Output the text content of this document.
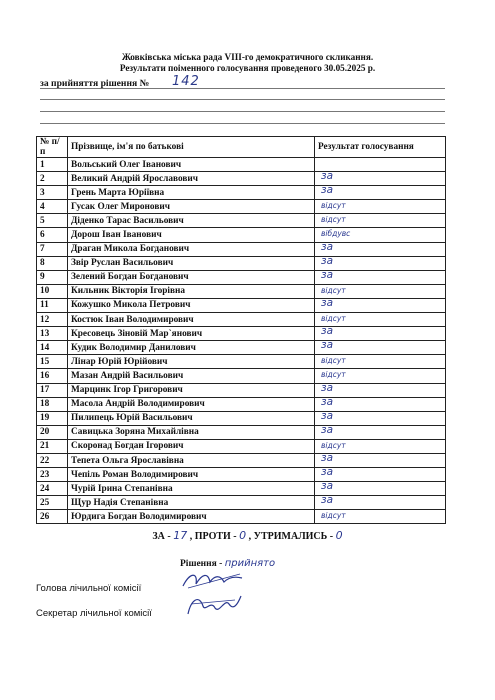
Жовківська міська рада VIII-го демократичного скликання.
Результати поіменного голосування проведеного 30.05.2025 р.
за прийняття рішення № 142
№ п/п	Прізвище, ім'я по батькові	Результат голосування
1	Вольський Олег Іванович	

2	Великий Андрій Ярославович	за

3	Грень Марта Юріївна	за

4	Гусак Олег Миронович	відсут

5	Діденко Тарас Васильович	відсут

6	Дорош Іван Іванович	вібдувс

7	Драган Микола Богданович	за

8	Звір Руслан Васильович	за

9	Зелений Богдан Богданович	за

10	Кильник Вікторія Ігорівна	відсут

11	Кожушко Микола Петрович	за

12	Костюк Іван Володимирович	відсут

13	Кресовець Зіновій Мар`янович	за

14	Кудик Володимир Данилович	за

15	Лінар Юрій Юрійович	відсут

16	Мазан Андрій Васильович	відсут

17	Марцинк Ігор Григорович	за

18	Масола Андрій Володимирович	за

19	Пилипець Юрій Васильович	за

20	Савицька Зоряна Михайлівна	за

21	Скоронад Богдан Ігорович	відсут

22	Тепета Ольга Ярославівна	за

23	Чепіль Роман Володимирович	за

24	Чурій Ірина Степанівна	за

25	Щур Надія Степанівна	за

26	Юрдига Богдан Володимирович	відсут
ЗА - 17 , ПРОТИ - 0 , УТРИМАЛИСЬ - 0
Рішення - прийнято
Голова лічильної комісії
Секретар лічильної комісії
